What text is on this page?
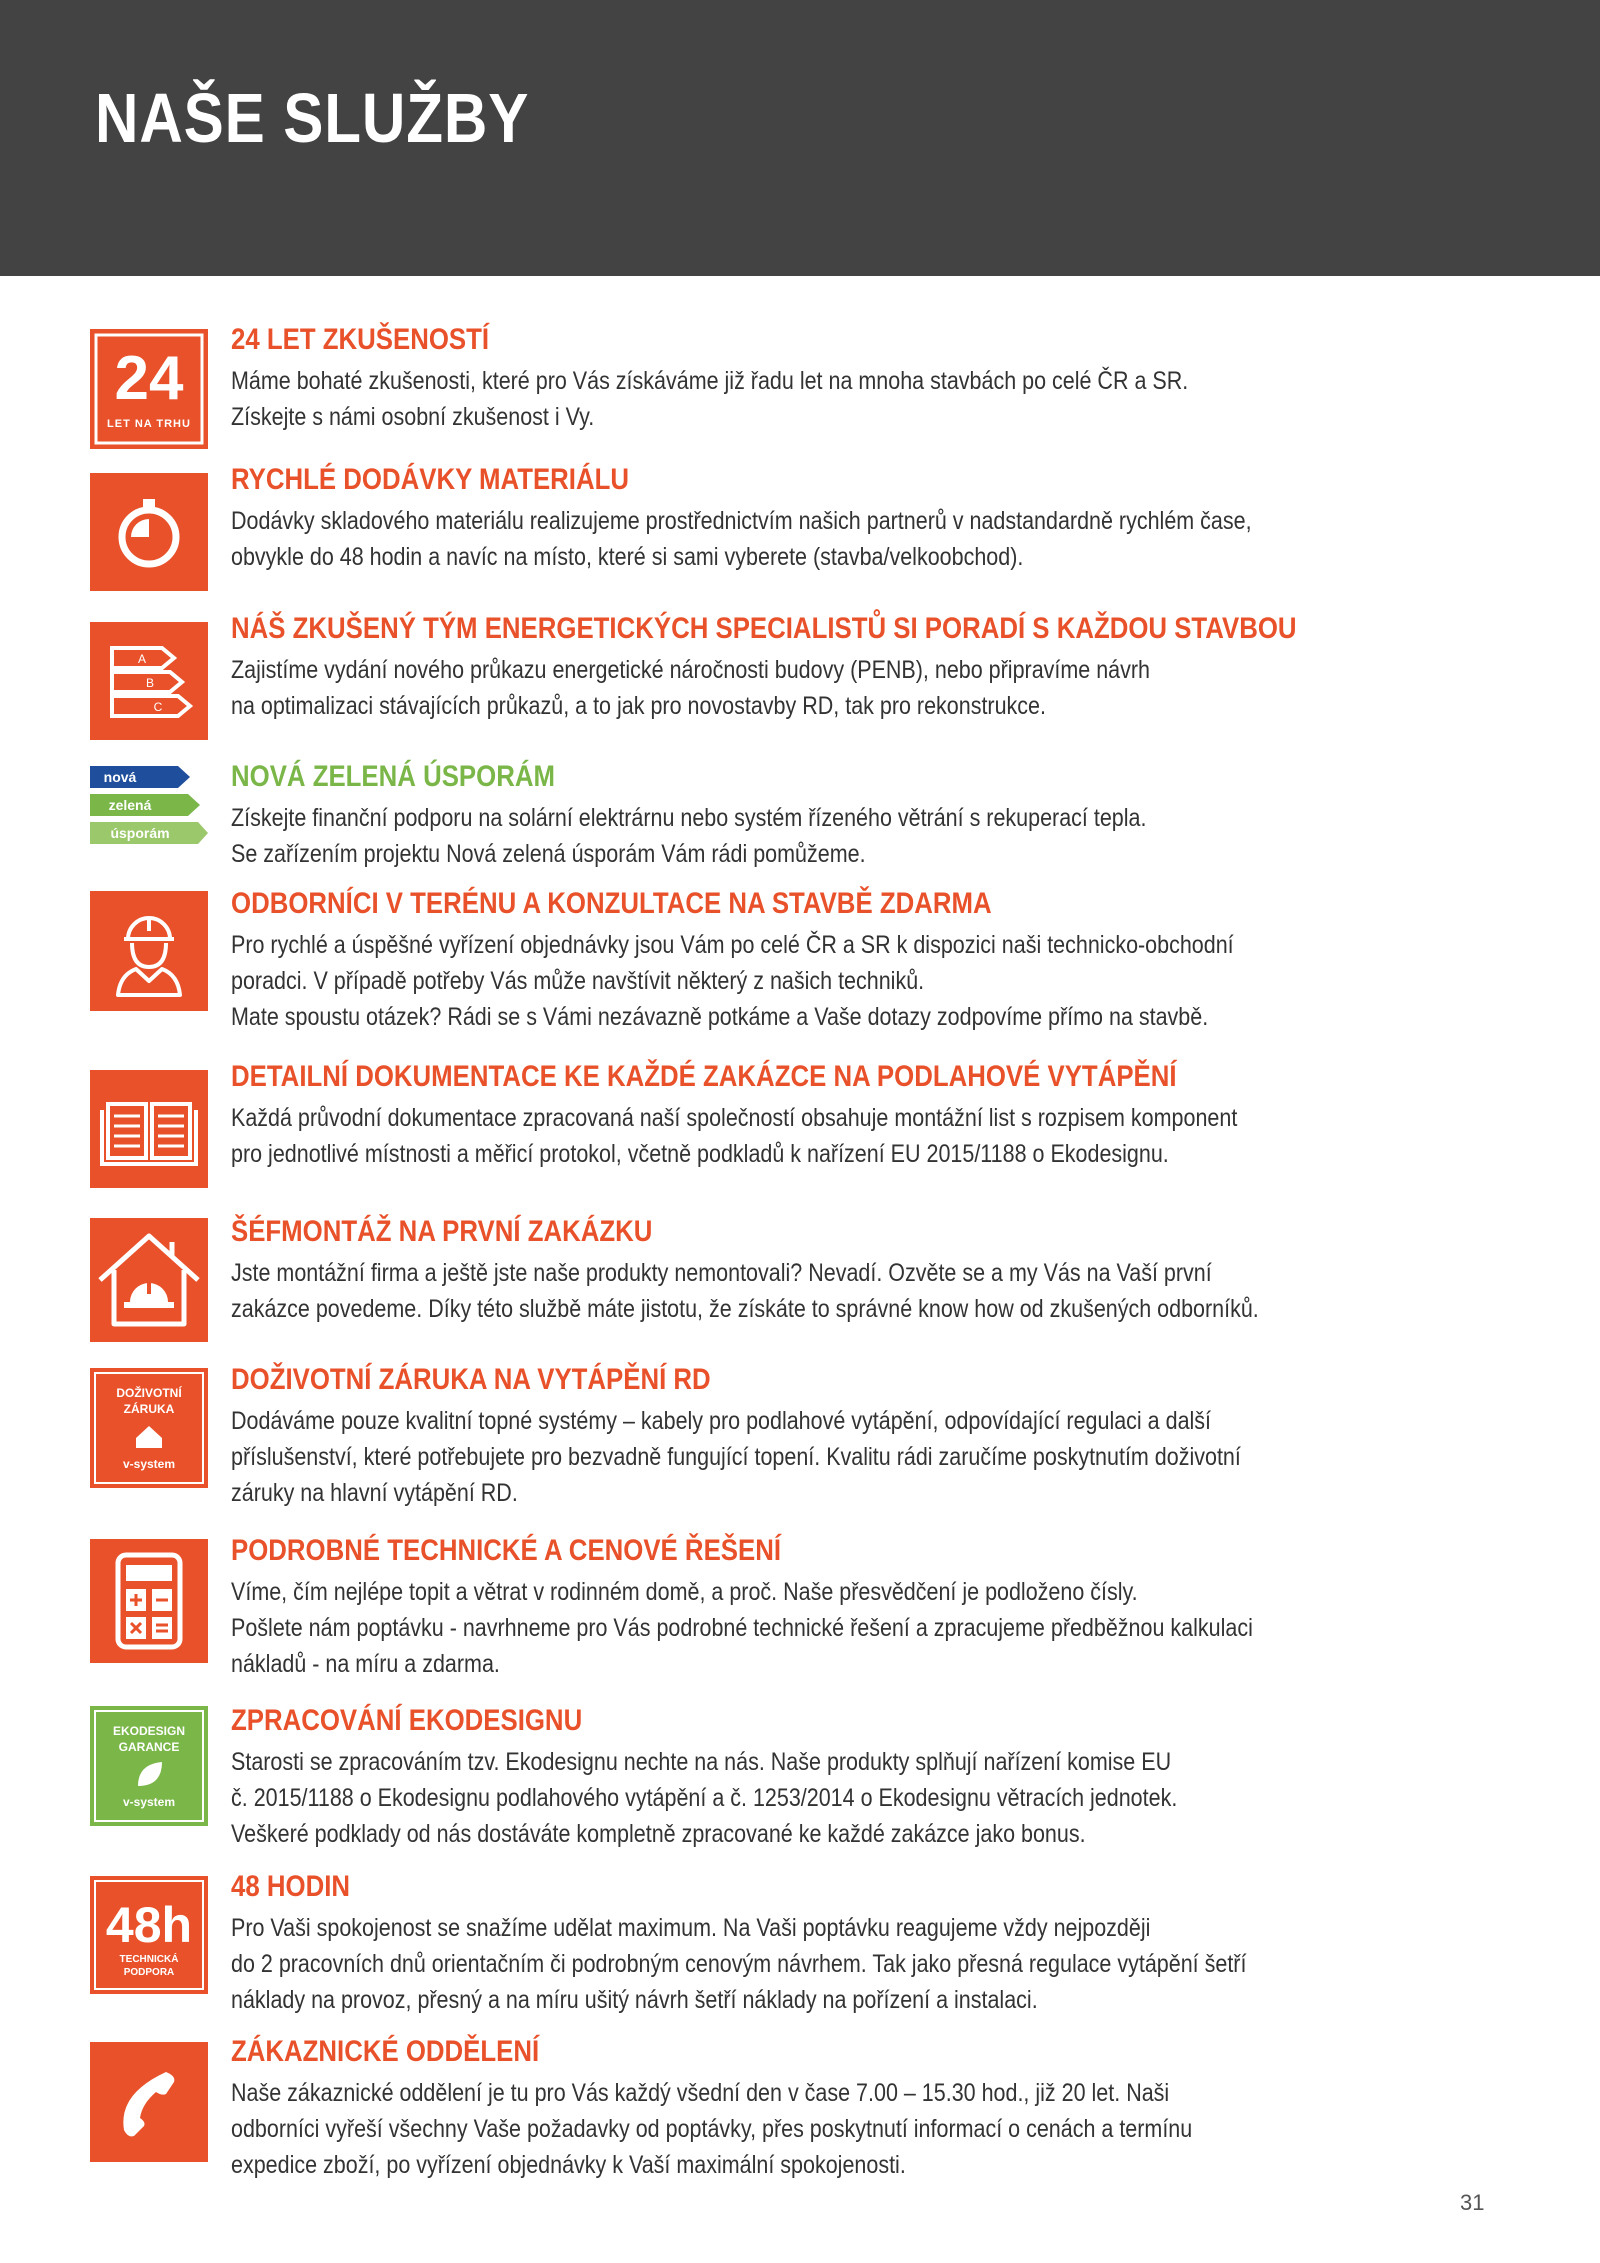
NAŠE SLUŽBY
24
LET NA TRHU
24 LET ZKUŠENOSTÍ

Máme bohaté zkušenosti, které pro Vás získáváme již řadu let na mnoha stavbách po celé ČR a SR.
Získejte s námi osobní zkušenost i Vy.

RYCHLÉ DODÁVKY MATERIÁLU

Dodávky skladového materiálu realizujeme prostřednictvím našich partnerů v nadstandardně rychlém čase,
obvykle do 48 hodin a navíc na místo, které si sami vyberete (stavba/velkoobchod).

A
B
C
NÁŠ ZKUŠENÝ TÝM ENERGETICKÝCH SPECIALISTŮ SI PORADÍ S KAŽDOU STAVBOU

Zajistíme vydání nového průkazu energetické náročnosti budovy (PENB), nebo připravíme návrh
na optimalizaci stávajících průkazů, a to jak pro novostavby RD, tak pro rekonstrukce.

nová
zelená
úsporám
NOVÁ ZELENÁ ÚSPORÁM

Získejte finanční podporu na solární elektrárnu nebo systém řízeného větrání s rekuperací tepla.
Se zařízením projektu Nová zelená úsporám Vám rádi pomůžeme.

ODBORNÍCI V TERÉNU A KONZULTACE NA STAVBĚ ZDARMA

Pro rychlé a úspěšné vyřízení objednávky jsou Vám po celé ČR a SR k dispozici naši technicko-obchodní
poradci. V případě potřeby Vás může navštívit některý z našich techniků.
Mate spoustu otázek? Rádi se s Vámi nezávazně potkáme a Vaše dotazy zodpovíme přímo na stavbě.

DETAILNÍ DOKUMENTACE KE KAŽDÉ ZAKÁZCE NA PODLAHOVÉ VYTÁPĚNÍ

Každá průvodní dokumentace zpracovaná naší společností obsahuje montážní list s rozpisem komponent
pro jednotlivé místnosti a měřicí protokol, včetně podkladů k nařízení EU 2015/1188 o Ekodesignu.

ŠÉFMONTÁŽ NA PRVNÍ ZAKÁZKU

Jste montážní firma a ještě jste naše produkty nemontovali? Nevadí. Ozvěte se a my Vás na Vaší první
zakázce povedeme. Díky této službě máte jistotu, že získáte to správné know how od zkušených odborníků.

DOŽIVOTNÍ
ZÁRUKA
v-system
DOŽIVOTNÍ ZÁRUKA NA VYTÁPĚNÍ RD

Dodáváme pouze kvalitní topné systémy – kabely pro podlahové vytápění, odpovídající regulaci a další
příslušenství, které potřebujete pro bezvadně fungující topení. Kvalitu rádi zaručíme poskytnutím doživotní
záruky na hlavní vytápění RD.

PODROBNÉ TECHNICKÉ A CENOVÉ ŘEŠENÍ

Víme, čím nejlépe topit a větrat v rodinném domě, a proč. Naše přesvědčení je podloženo čísly.
Pošlete nám poptávku - navrhneme pro Vás podrobné technické řešení a zpracujeme předběžnou kalkulaci
nákladů - na míru a zdarma.

EKODESIGN
GARANCE
v-system
ZPRACOVÁNÍ EKODESIGNU

Starosti se zpracováním tzv. Ekodesignu nechte na nás. Naše produkty splňují nařízení komise EU
č. 2015/1188 o Ekodesignu podlahového vytápění a č. 1253/2014 o Ekodesignu větracích jednotek.
Veškeré podklady od nás dostáváte kompletně zpracované ke každé zakázce jako bonus.

48h
TECHNICKÁ
PODPORA
48 HODIN

Pro Vaši spokojenost se snažíme udělat maximum. Na Vaši poptávku reagujeme vždy nejpozději
do 2 pracovních dnů orientačním či podrobným cenovým návrhem. Tak jako přesná regulace vytápění šetří
náklady na provoz, přesný a na míru ušitý návrh šetří náklady na pořízení a instalaci.

ZÁKAZNICKÉ ODDĚLENÍ

Naše zákaznické oddělení je tu pro Vás každý všední den v čase 7.00 – 15.30 hod., již 20 let. Naši
odborníci vyřeší všechny Vaše požadavky od poptávky, přes poskytnutí informací o cenách a termínu
expedice zboží, po vyřízení objednávky k Vaší maximální spokojenosti.

31
